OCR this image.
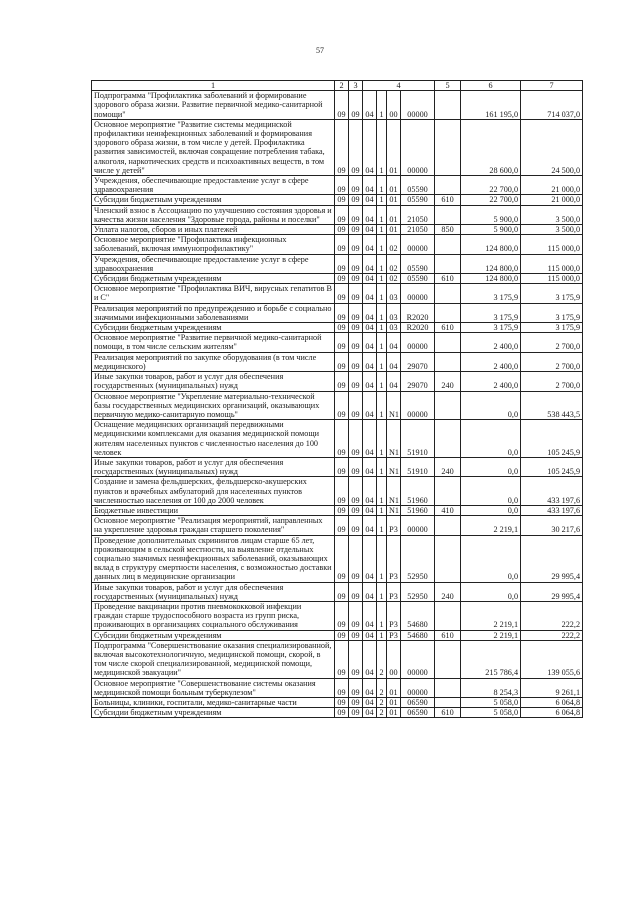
57
1	2	3	4				5	6	7
Подпрограмма "Профилактика заболеваний и формирование здорового образа жизни. Развитие первичной медико-санитарной помощи"	09	09	04	1	00	00000		161 195,0	714 037,0
Основное мероприятие "Развитие системы медицинской профилактики неинфекционных заболеваний и формирования здорового образа жизни, в том числе у детей. Профилактика развития зависимостей, включая сокращение потребления табака, алкоголя, наркотических средств и психоактивных веществ, в том числе у детей"	09	09	04	1	01	00000		28 600,0	24 500,0
Учреждения, обеспечивающие предоставление услуг в сфере здравоохранения	09	09	04	1	01	05590		22 700,0	21 000,0
Субсидии бюджетным учреждениям	09	09	04	1	01	05590	610	22 700,0	21 000,0
Членский взнос в Ассоциацию по улучшению состояния здоровья и качества жизни населения "Здоровые города, районы и поселки"	09	09	04	1	01	21050		5 900,0	3 500,0
Уплата налогов, сборов и иных платежей	09	09	04	1	01	21050	850	5 900,0	3 500,0
Основное мероприятие "Профилактика инфекционных заболеваний, включая иммунопрофилактику"	09	09	04	1	02	00000		124 800,0	115 000,0
Учреждения, обеспечивающие предоставление услуг в сфере здравоохранения	09	09	04	1	02	05590		124 800,0	115 000,0
Субсидии бюджетным учреждениям	09	09	04	1	02	05590	610	124 800,0	115 000,0
Основное мероприятие "Профилактика ВИЧ, вирусных гепатитов В и С"	09	09	04	1	03	00000		3 175,9	3 175,9
Реализация мероприятий по предупреждению и борьбе с социально значимыми инфекционными заболеваниями	09	09	04	1	03	R2020		3 175,9	3 175,9
Субсидии бюджетным учреждениям	09	09	04	1	03	R2020	610	3 175,9	3 175,9
Основное мероприятие "Развитие первичной медико-санитарной помощи, в том числе сельским жителям"	09	09	04	1	04	00000		2 400,0	2 700,0
Реализация мероприятий по закупке оборудования (в том числе медицинского)	09	09	04	1	04	29070		2 400,0	2 700,0
Иные закупки товаров, работ и услуг для обеспечения государственных (муниципальных) нужд	09	09	04	1	04	29070	240	2 400,0	2 700,0
Основное мероприятие "Укрепление материально-технической базы государственных медицинских организаций, оказывающих первичную медико-санитарную помощь"	09	09	04	1	N1	00000		0,0	538 443,5
Оснащение медицинских организаций передвижными медицинскими комплексами для оказания медицинской помощи жителям населенных пунктов с численностью населения до 100 человек	09	09	04	1	N1	51910		0,0	105 245,9
Иные закупки товаров, работ и услуг для обеспечения государственных (муниципальных) нужд	09	09	04	1	N1	51910	240	0,0	105 245,9
Создание и замена фельдшерских, фельдшерско-акушерских пунктов и врачебных амбулаторий для населенных пунктов численностью населения от 100 до 2000 человек	09	09	04	1	N1	51960		0,0	433 197,6
Бюджетные инвестиции	09	09	04	1	N1	51960	410	0,0	433 197,6
Основное мероприятие "Реализация мероприятий, направленных на укрепление здоровья граждан старшего поколения"	09	09	04	1	P3	00000		2 219,1	30 217,6
Проведение дополнительных скринингов лицам старше 65 лет, проживающим в сельской местности, на выявление отдельных социально значимых неинфекционных заболеваний, оказывающих вклад в структуру смертности населения, с возможностью доставки данных лиц в медицинские организации	09	09	04	1	P3	52950		0,0	29 995,4
Иные закупки товаров, работ и услуг для обеспечения государственных (муниципальных) нужд	09	09	04	1	P3	52950	240	0,0	29 995,4
Проведение вакцинации против пневмококковой инфекции граждан старше трудоспособного возраста из групп риска, проживающих в организациях социального обслуживания	09	09	04	1	P3	54680		2 219,1	222,2
Субсидии бюджетным учреждениям	09	09	04	1	P3	54680	610	2 219,1	222,2
Подпрограмма "Совершенствование оказания специализированной, включая высокотехнологичную, медицинской помощи, скорой, в том числе скорой специализированной, медицинской помощи, медицинской эвакуации"	09	09	04	2	00	00000		215 786,4	139 055,6
Основное мероприятие "Совершенствование системы оказания медицинской помощи больным туберкулезом"	09	09	04	2	01	00000		8 254,3	9 261,1
Больницы, клиники, госпитали, медико-санитарные части	09	09	04	2	01	06590		5 058,0	6 064,8
Субсидии бюджетным учреждениям	09	09	04	2	01	06590	610	5 058,0	6 064,8
